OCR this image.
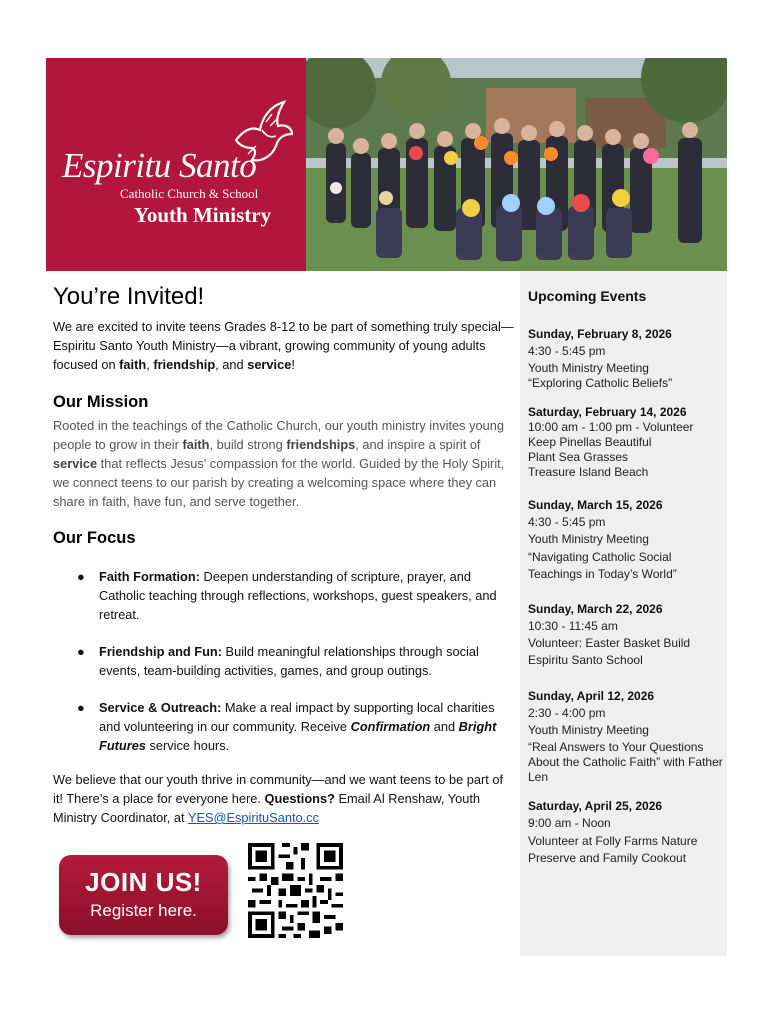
Espiritu Santo
Catholic Church & School
Youth Ministry
You’re Invited!

We are excited to invite teens Grades 8-12 to be part of something truly special—Espiritu Santo Youth Ministry—a vibrant, growing community of young adults focused on faith, friendship, and service!

Our Mission

Rooted in the teachings of the Catholic Church, our youth ministry invites young people to grow in their faith, build strong friendships, and inspire a spirit of service that reflects Jesus' compassion for the world. Guided by the Holy Spirit, we connect teens to our parish by creating a welcoming space where they can share in faith, have fun, and serve together.

Our Focus
● Faith Formation: Deepen understanding of scripture, prayer, and Catholic teaching through reflections, workshops, guest speakers, and retreat.
● Friendship and Fun: Build meaningful relationships through social events, team-building activities, games, and group outings.
● Service & Outreach: Make a real impact by supporting local charities and volunteering in our community. Receive Confirmation and Bright Futures service hours.

We believe that our youth thrive in community—and we want teens to be part of it! There’s a place for everyone here. Questions? Email Al Renshaw, Youth Ministry Coordinator, at YES@EspirituSanto.cc

JOIN US!
Register here.
Upcoming Events
Sunday, February 8, 2026
4:30 - 5:45 pm
Youth Ministry Meeting
“Exploring Catholic Beliefs”
Saturday, February 14, 2026
10:00 am - 1:00 pm - Volunteer
Keep Pinellas Beautiful
Plant Sea Grasses
Treasure Island Beach
Sunday, March 15, 2026
4:30 - 5:45 pm
Youth Ministry Meeting
“Navigating Catholic Social Teachings in Today’s World”
Sunday, March 22, 2026
10:30 - 11:45 am
Volunteer: Easter Basket Build
Espiritu Santo School
Sunday, April 12, 2026
2:30 - 4:00 pm
Youth Ministry Meeting
“Real Answers to Your Questions About the Catholic Faith” with Father Len
Saturday, April 25, 2026
9:00 am - Noon
Volunteer at Folly Farms Nature Preserve and Family Cookout
